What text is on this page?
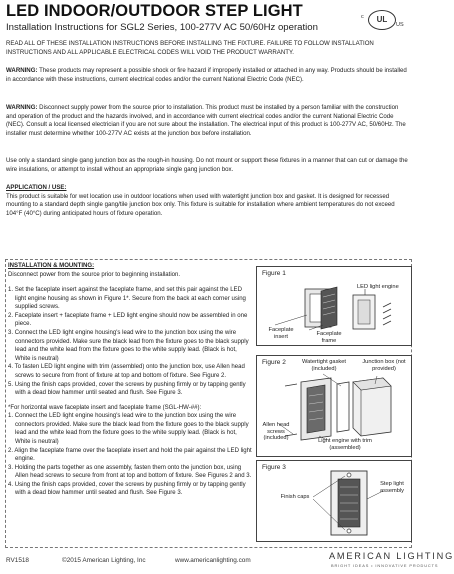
LED INDOOR/OUTDOOR STEP LIGHT
Installation Instructions for SGL2 Series, 100-277V AC 50/60Hz operation
c	UL
US
READ ALL OF THESE INSTALLATION INSTRUCTIONS BEFORE INSTALLING THE FIXTURE. FAILURE TO FOLLOW INSTALLATION INSTRUCTIONS AND ALL APPLICABLE ELECTRICAL CODES WILL VOID THE PRODUCT WARRANTY.
WARNING: These products may represent a possible shock or fire hazard if improperly installed or attached in any way. Products should be installed in accordance with these instructions, current electrical codes and/or the current National Electric Code (NEC).
WARNING: Disconnect supply power from the source prior to installation. This product must be installed by a person familiar with the construction and operation of the product and the hazards involved, and in accordance with current electrical codes and/or the current National Electric Code (NEC). Consult a local licensed electrician if you are not sure about the installation. The electrical input of this product is 100-277V AC, 50/60Hz. The installer must determine whether 100-277V AC exists at the junction box before installation.
Use only a standard single gang junction box as the rough-in housing. Do not mount or support these fixtures in a manner that can cut or damage the wire insulations, or attempt to install without an appropriate single gang junction box.
APPLICATION / USE:
This product is suitable for wet location use in outdoor locations when used with watertight junction box and gasket. It is designed for recessed mounting to a standard depth single gang/tile junction box only. This fixture is suitable for installation where ambient temperatures do not exceed 104°F (40°C) during anticipated hours of fixture operation.
INSTALLATION & MOUNTING:
Disconnect power from the source prior to beginning installation.
1. Set the faceplate insert against the faceplate frame, and set this pair against the LED light engine housing as shown in Figure 1*. Secure from the back at each corner using supplied screws.
2. Faceplate insert + faceplate frame + LED light engine should now be assembled in one piece.
3. Connect the LED light engine housing's lead wire to the junction box using the wire connectors provided. Make sure the black lead from the fixture goes to the black supply lead and the white lead from the fixture goes to the white supply lead. (Black is hot, White is neutral)
4. To fasten LED light engine with trim (assembled) onto the junction box, use Allen head screws to secure from front of fixture at top and bottom of fixture. See Figure 2.
5. Using the finish caps provided, cover the screws by pushing firmly or by tapping gently with a dead blow hammer until seated and flush. See Figure 3.
*For horizontal wave faceplate insert and faceplate frame (SGL-HW-##):
1. Connect the LED light engine housing's lead wire to the junction box using the wire connectors provided. Make sure the black lead from the fixture goes to the black supply lead and the white lead from the fixture goes to the white supply lead. (Black is hot, White is neutral)
2. Align the faceplate frame over the faceplate insert and hold the pair against the LED light engine.
3. Holding the parts together as one assembly, fasten them onto the junction box, using Allen head screws to secure from front at top and bottom of fixture. See Figures 2 and 3.
4. Using the finish caps provided, cover the screws by pushing firmly or by tapping gently with a dead blow hammer until seated and flush. See Figure 3.
Figure 1
LED light engine
Faceplate insert	Faceplate frame
Figure 2	Watertight gasket (included)
Junction box (not provided)
Allen head screws (included)	Light engine with trim (assembled)
Figure 3
Finish caps
Step light assembly
RV1518	©2015 American Lighting, Inc	www.americanlighting.com	AMERICAN LIGHTING
BRIGHT IDEAS • INNOVATIVE PRODUCTS
